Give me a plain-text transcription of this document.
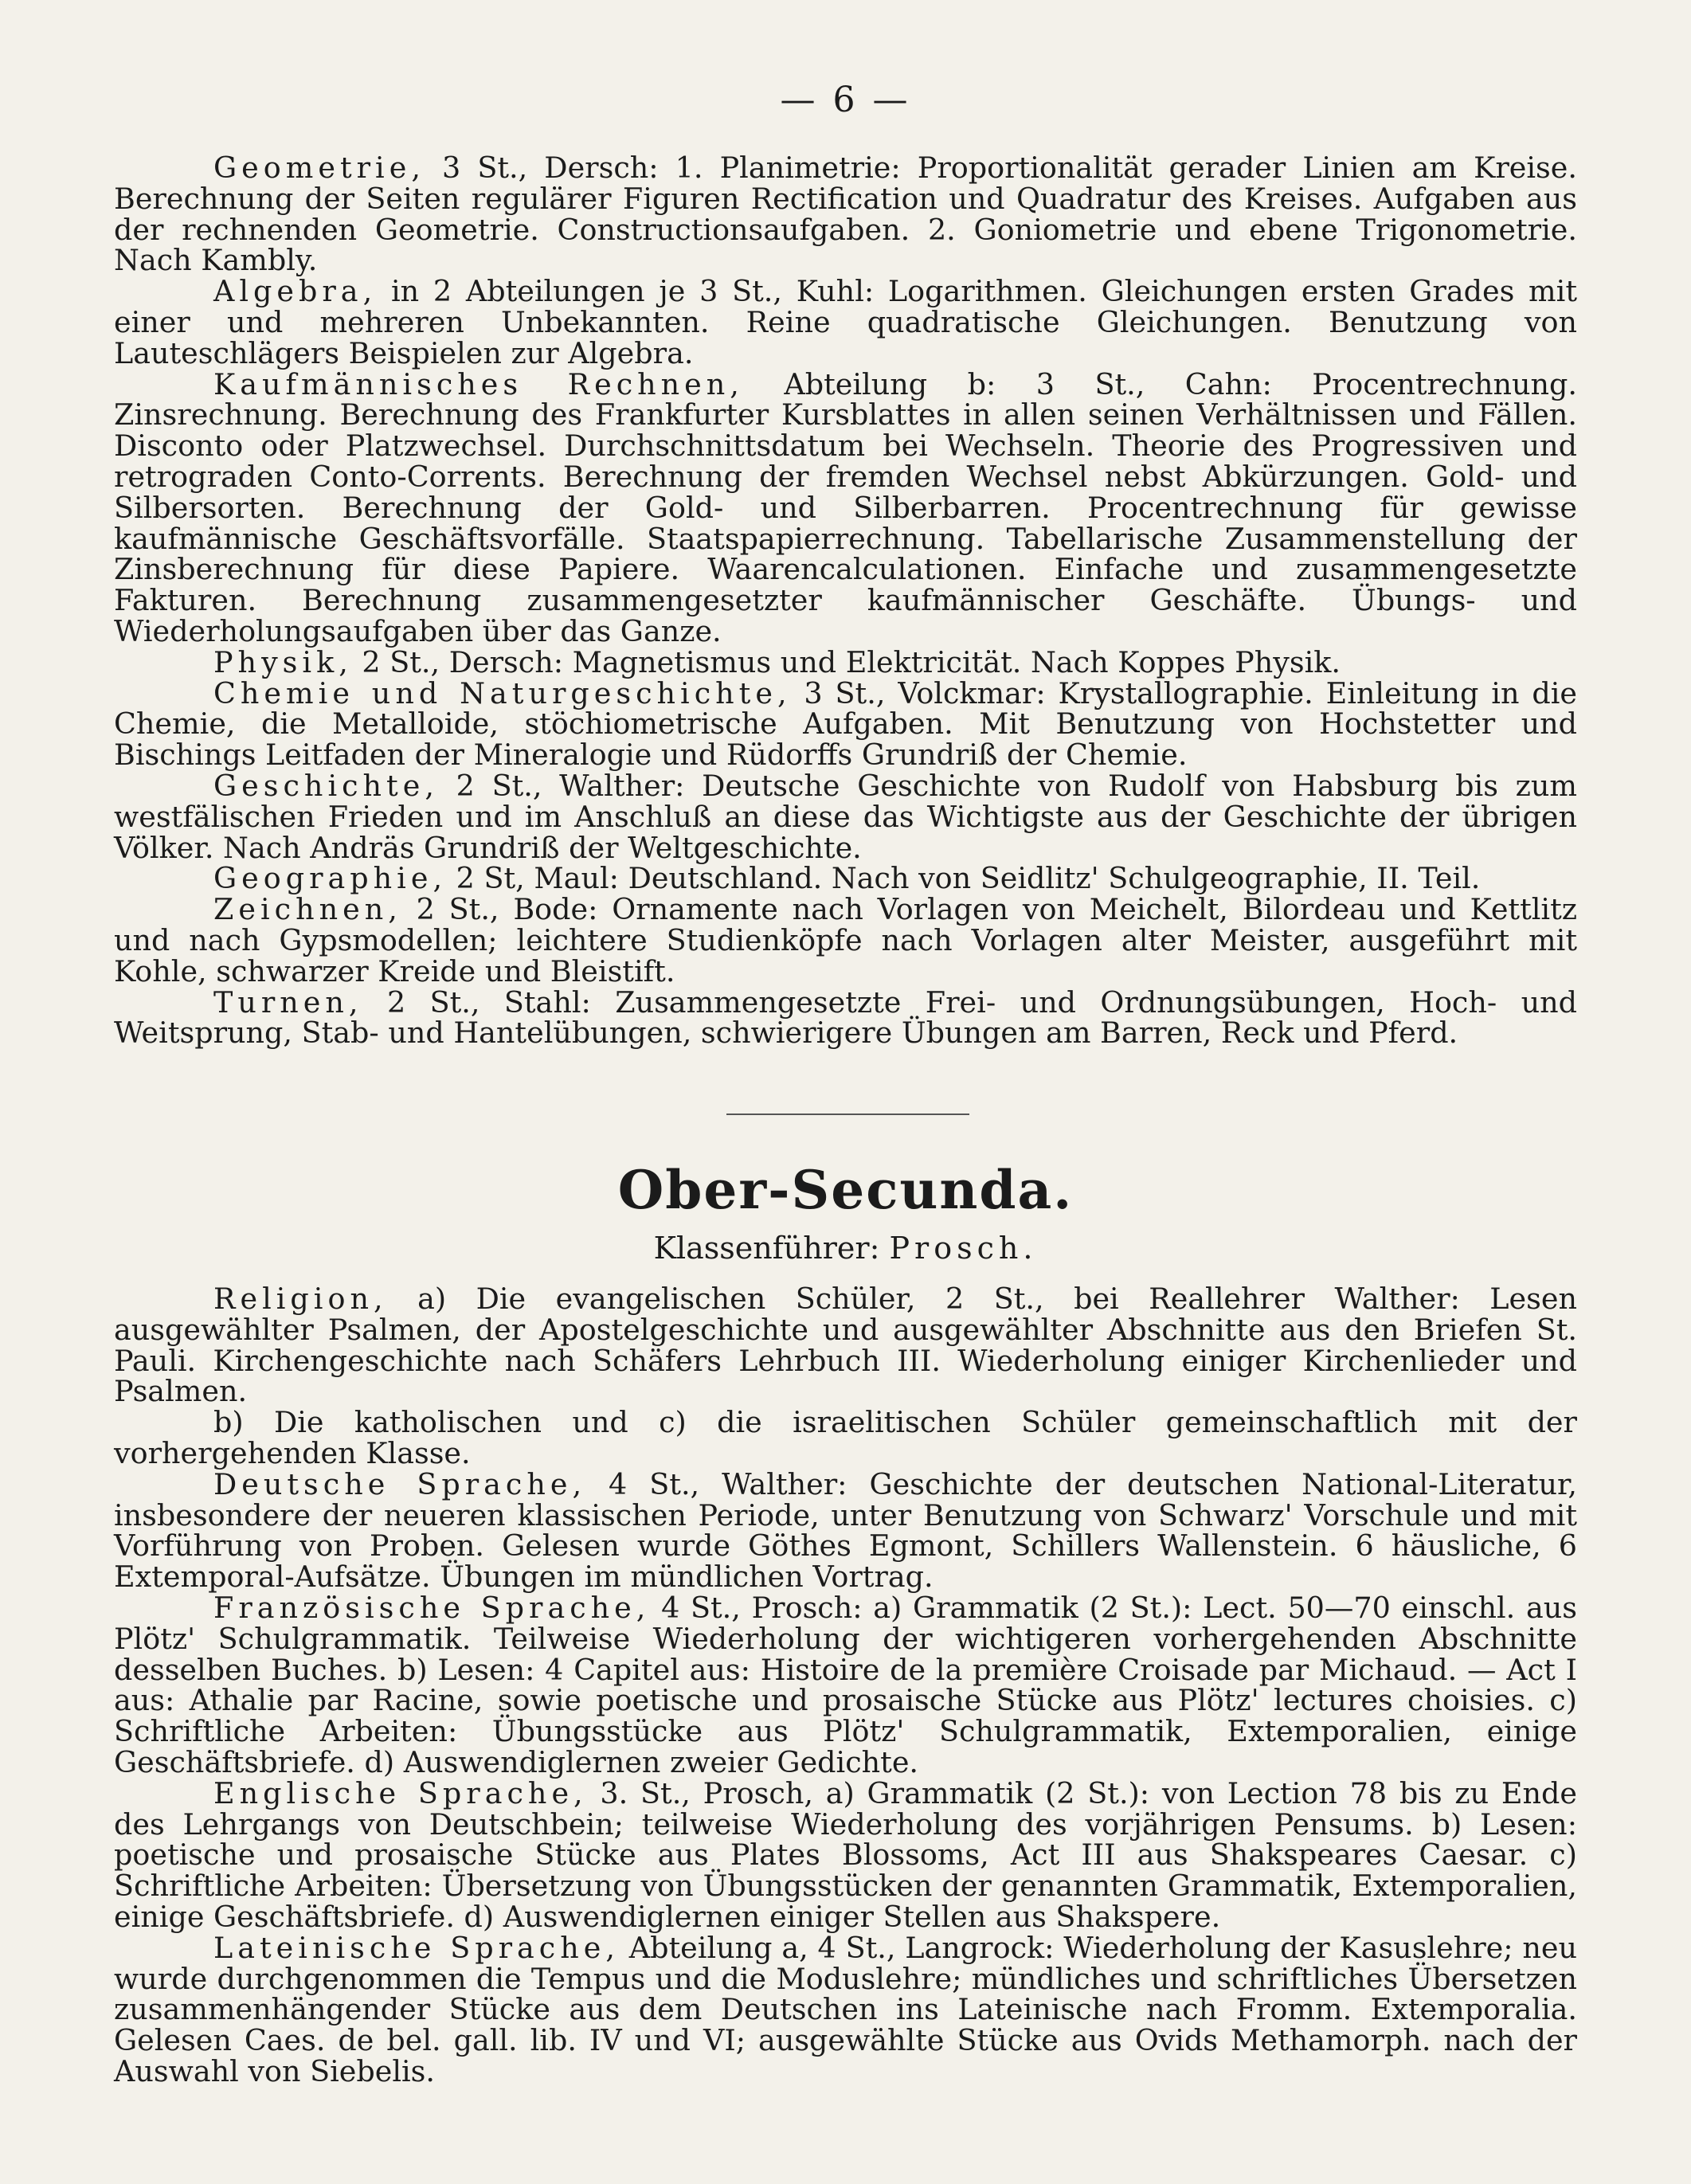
— 6 —

Geometrie, 3 St., Dersch: 1. Planimetrie: Proportionalität gerader Linien am Kreise. Berechnung der Seiten regulärer Figuren Rectification und Quadratur des Kreises. Aufgaben aus der rechnenden Geometrie. Constructionsaufgaben. 2. Goniometrie und ebene Trigonometrie. Nach Kambly.

Algebra, in 2 Abteilungen je 3 St., Kuhl: Logarithmen. Gleichungen ersten Grades mit einer und mehreren Unbekannten. Reine quadratische Gleichungen. Benutzung von Lauteschlägers Beispielen zur Algebra.

Kaufmännisches Rechnen, Abteilung b: 3 St., Cahn: Procentrechnung. Zinsrechnung. Berechnung des Frankfurter Kursblattes in allen seinen Verhältnissen und Fällen. Disconto oder Platzwechsel. Durchschnittsdatum bei Wechseln. Theorie des Progressiven und retrograden Conto-Corrents. Berechnung der fremden Wechsel nebst Abkürzungen. Gold- und Silbersorten. Berechnung der Gold- und Silberbarren. Procentrechnung für gewisse kaufmännische Geschäftsvorfälle. Staatspapierrechnung. Tabellarische Zusammenstellung der Zinsberechnung für diese Papiere. Waarencalculationen. Einfache und zusammengesetzte Fakturen. Berechnung zusammengesetzter kaufmännischer Geschäfte. Übungs- und Wiederholungsaufgaben über das Ganze.

Physik, 2 St., Dersch: Magnetismus und Elektricität. Nach Koppes Physik.

Chemie und Naturgeschichte, 3 St., Volckmar: Krystallographie. Einleitung in die Chemie, die Metalloide, stöchiometrische Aufgaben. Mit Benutzung von Hochstetter und Bischings Leitfaden der Mineralogie und Rüdorffs Grundriß der Chemie.

Geschichte, 2 St., Walther: Deutsche Geschichte von Rudolf von Habsburg bis zum westfälischen Frieden und im Anschluß an diese das Wichtigste aus der Geschichte der übrigen Völker. Nach Andräs Grundriß der Weltgeschichte.

Geographie, 2 St, Maul: Deutschland. Nach von Seidlitz' Schulgeographie, II. Teil.

Zeichnen, 2 St., Bode: Ornamente nach Vorlagen von Meichelt, Bilordeau und Kettlitz und nach Gypsmodellen; leichtere Studienköpfe nach Vorlagen alter Meister, ausgeführt mit Kohle, schwarzer Kreide und Bleistift.

Turnen, 2 St., Stahl: Zusammengesetzte Frei- und Ordnungsübungen, Hoch- und Weitsprung, Stab- und Hantelübungen, schwierigere Übungen am Barren, Reck und Pferd.

Ober-Secunda.
Klassenführer: Prosch.

Religion, a) Die evangelischen Schüler, 2 St., bei Reallehrer Walther: Lesen ausgewählter Psalmen, der Apostelgeschichte und ausgewählter Abschnitte aus den Briefen St. Pauli. Kirchengeschichte nach Schäfers Lehrbuch III. Wiederholung einiger Kirchenlieder und Psalmen.

b) Die katholischen und c) die israelitischen Schüler gemeinschaftlich mit der vorhergehenden Klasse.

Deutsche Sprache, 4 St., Walther: Geschichte der deutschen National-Literatur, insbesondere der neueren klassischen Periode, unter Benutzung von Schwarz' Vorschule und mit Vorführung von Proben. Gelesen wurde Göthes Egmont, Schillers Wallenstein. 6 häusliche, 6 Extemporal-Aufsätze. Übungen im mündlichen Vortrag.

Französische Sprache, 4 St., Prosch: a) Grammatik (2 St.): Lect. 50—70 einschl. aus Plötz' Schulgrammatik. Teilweise Wiederholung der wichtigeren vorhergehenden Abschnitte desselben Buches. b) Lesen: 4 Capitel aus: Histoire de la première Croisade par Michaud. — Act I aus: Athalie par Racine, sowie poetische und prosaische Stücke aus Plötz' lectures choisies. c) Schriftliche Arbeiten: Übungsstücke aus Plötz' Schulgrammatik, Extemporalien, einige Geschäftsbriefe. d) Auswendiglernen zweier Gedichte.

Englische Sprache, 3. St., Prosch, a) Grammatik (2 St.): von Lection 78 bis zu Ende des Lehrgangs von Deutschbein; teilweise Wiederholung des vorjährigen Pensums. b) Lesen: poetische und prosaische Stücke aus Plates Blossoms, Act III aus Shakspeares Caesar. c) Schriftliche Arbeiten: Übersetzung von Übungsstücken der genannten Grammatik, Extemporalien, einige Geschäftsbriefe. d) Auswendiglernen einiger Stellen aus Shakspere.

Lateinische Sprache, Abteilung a, 4 St., Langrock: Wiederholung der Kasuslehre; neu wurde durchgenommen die Tempus und die Moduslehre; mündliches und schriftliches Übersetzen zusammenhängender Stücke aus dem Deutschen ins Lateinische nach Fromm. Extemporalia. Gelesen Caes. de bel. gall. lib. IV und VI; ausgewählte Stücke aus Ovids Methamorph. nach der Auswahl von Siebelis.
